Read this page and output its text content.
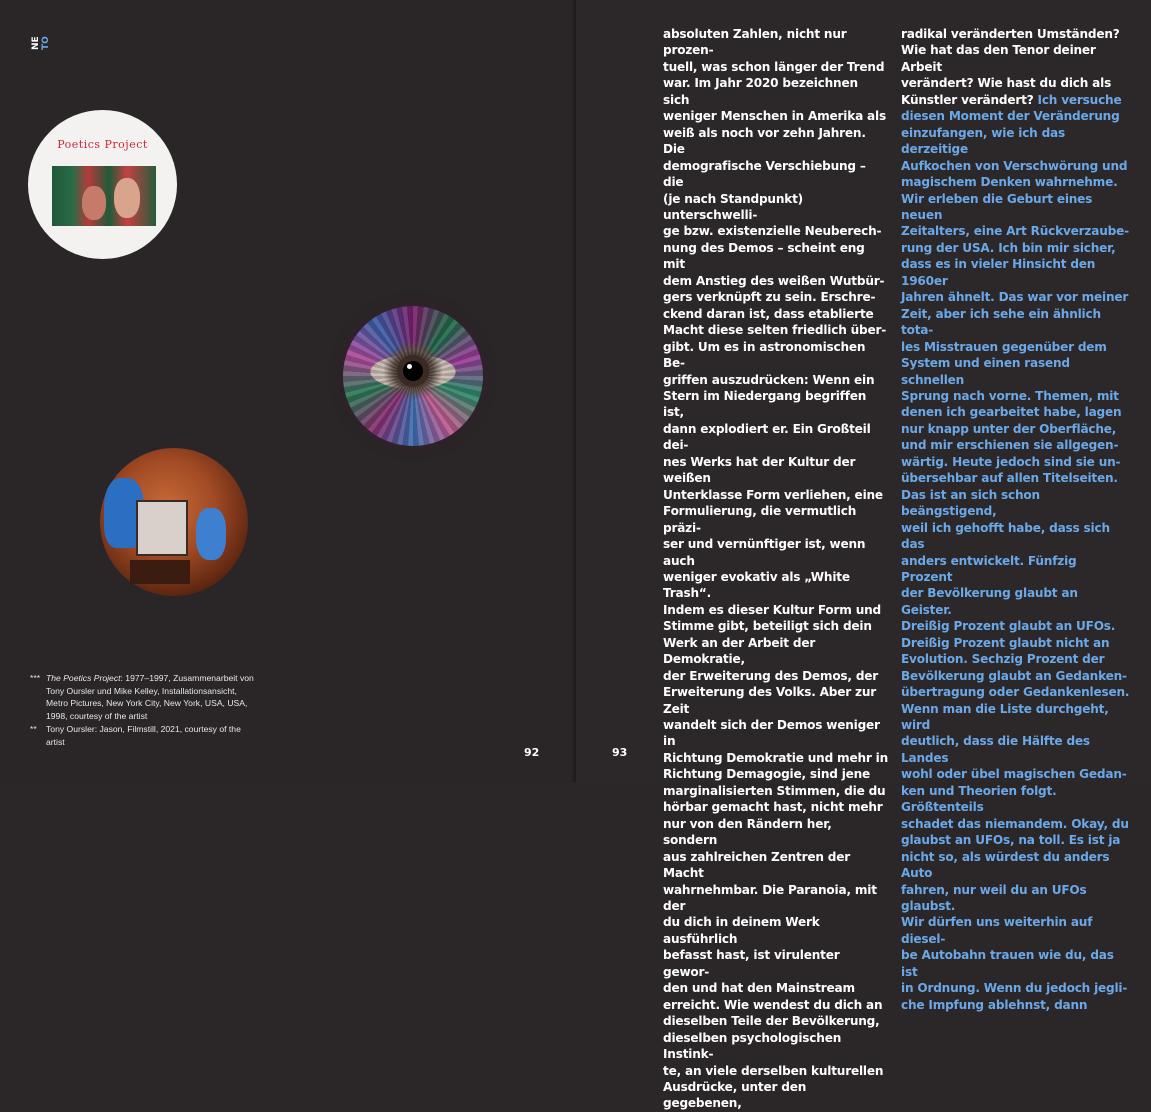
NE TO
Poetics Project
*** The Poetics Project: 1977–1997, Zusammenarbeit von Tony Oursler und Mike Kelley, Installationsansicht, Metro Pictures, New York City, New York, USA, USA, 1998, courtesy of the artist
**	Tony Oursler: Jason, Filmstill, 2021, courtesy of the artist
92	93

absoluten Zahlen, nicht nur prozen-
tuell, was schon länger der Trend
war. Im Jahr 2020 bezeichnen sich
weniger Menschen in Amerika als
weiß als noch vor zehn Jahren. Die
demografische Verschiebung – die
(je nach Standpunkt) unterschwelli-
ge bzw. existenzielle Neuberech-
nung des Demos – scheint eng mit
dem Anstieg des weißen Wutbür-
gers verknüpft zu sein. Erschre-
ckend daran ist, dass etablierte
Macht diese selten friedlich über-
gibt. Um es in astronomischen Be-
griffen auszudrücken: Wenn ein
Stern im Niedergang begriffen ist,
dann explodiert er. Ein Großteil dei-
nes Werks hat der Kultur der weißen
Unterklasse Form verliehen, eine
Formulierung, die vermutlich präzi-
ser und vernünftiger ist, wenn auch
weniger evokativ als „White Trash“.
Indem es dieser Kultur Form und
Stimme gibt, beteiligt sich dein
Werk an der Arbeit der Demokratie,
der Erweiterung des Demos, der
Erweiterung des Volks. Aber zur Zeit
wandelt sich der Demos weniger in
Richtung Demokratie und mehr in
Richtung Demagogie, sind jene
marginalisierten Stimmen, die du
hörbar gemacht hast, nicht mehr
nur von den Rändern her, sondern
aus zahlreichen Zentren der Macht
wahrnehmbar. Die Paranoia, mit der
du dich in deinem Werk ausführlich
befasst hast, ist virulenter gewor-
den und hat den Mainstream
erreicht. Wie wendest du dich an
dieselben Teile der Bevölkerung,
dieselben psychologischen Instink-
te, an viele derselben kulturellen
Ausdrücke, unter den gegebenen,

radikal veränderten Umständen?
Wie hat das den Tenor deiner Arbeit
verändert? Wie hast du dich als
Künstler verändert? Ich versuche
diesen Moment der Veränderung
einzufangen, wie ich das derzeitige
Aufkochen von Verschwörung und
magischem Denken wahrnehme.
Wir erleben die Geburt eines neuen
Zeitalters, eine Art Rückverzaube-
rung der USA. Ich bin mir sicher,
dass es in vieler Hinsicht den 1960er
Jahren ähnelt. Das war vor meiner
Zeit, aber ich sehe ein ähnlich tota-
les Misstrauen gegenüber dem
System und einen rasend schnellen
Sprung nach vorne. Themen, mit
denen ich gearbeitet habe, lagen
nur knapp unter der Oberfläche,
und mir erschienen sie allgegen-
wärtig. Heute jedoch sind sie un-
übersehbar auf allen Titelseiten.
Das ist an sich schon beängstigend,
weil ich gehofft habe, dass sich das
anders entwickelt. Fünfzig Prozent
der Bevölkerung glaubt an Geister.
Dreißig Prozent glaubt an UFOs.
Dreißig Prozent glaubt nicht an
Evolution. Sechzig Prozent der
Bevölkerung glaubt an Gedanken-
übertragung oder Gedankenlesen.
Wenn man die Liste durchgeht, wird
deutlich, dass die Hälfte des Landes
wohl oder übel magischen Gedan-
ken und Theorien folgt. Größtenteils
schadet das niemandem. Okay, du
glaubst an UFOs, na toll. Es ist ja
nicht so, als würdest du anders Auto
fahren, nur weil du an UFOs glaubst.
Wir dürfen uns weiterhin auf diesel-
be Autobahn trauen wie du, das ist
in Ordnung. Wenn du jedoch jegli-
che Impfung ablehnst, dann
